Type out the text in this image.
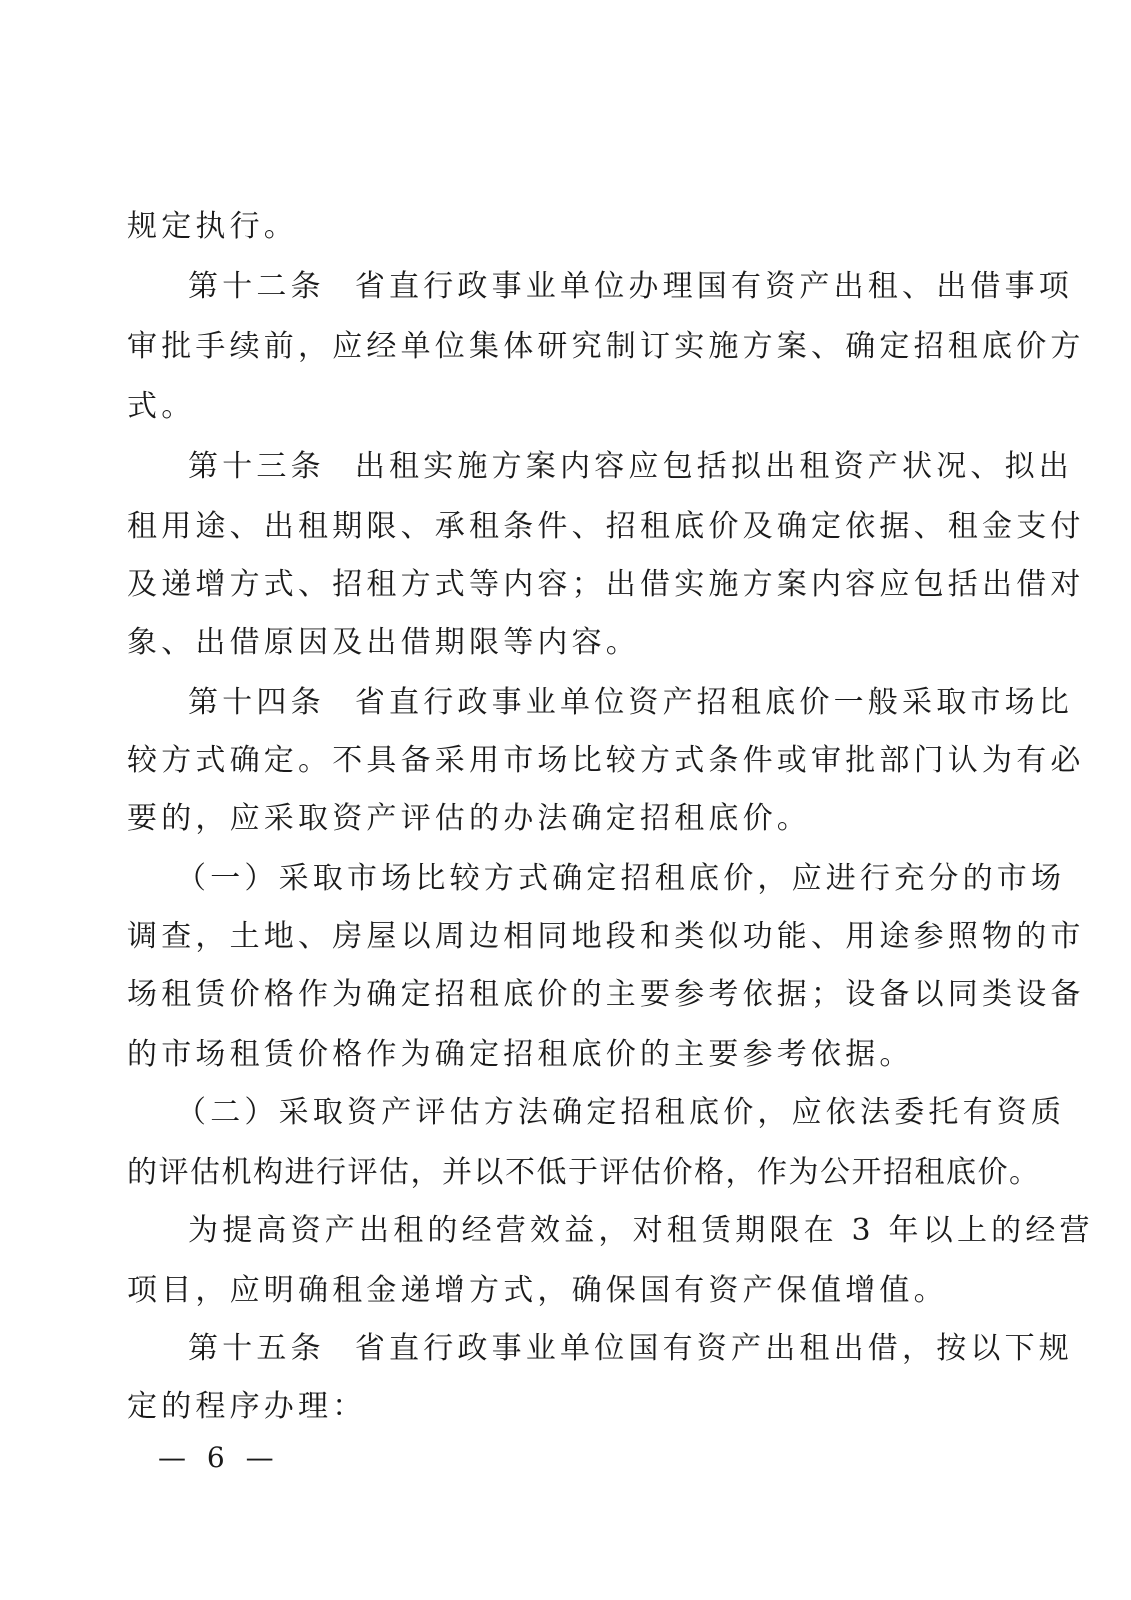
规定执行。
第十二条 省直行政事业单位办理国有资产出租、出借事项
审批手续前，应经单位集体研究制订实施方案、确定招租底价方
式。
第十三条 出租实施方案内容应包括拟出租资产状况、拟出
租用途、出租期限、承租条件、招租底价及确定依据、租金支付
及递增方式、招租方式等内容；出借实施方案内容应包括出借对
象、出借原因及出借期限等内容。
第十四条 省直行政事业单位资产招租底价一般采取市场比
较方式确定。不具备采用市场比较方式条件或审批部门认为有必
要的，应采取资产评估的办法确定招租底价。
（一）采取市场比较方式确定招租底价，应进行充分的市场
调查，土地、房屋以周边相同地段和类似功能、用途参照物的市
场租赁价格作为确定招租底价的主要参考依据；设备以同类设备
的市场租赁价格作为确定招租底价的主要参考依据。
（二）采取资产评估方法确定招租底价，应依法委托有资质
的评估机构进行评估，并以不低于评估价格，作为公开招租底价。
为提高资产出租的经营效益，对租赁期限在 3 年以上的经营
项目，应明确租金递增方式，确保国有资产保值增值。
第十五条 省直行政事业单位国有资产出租出借，按以下规
定的程序办理：
— 6 —
